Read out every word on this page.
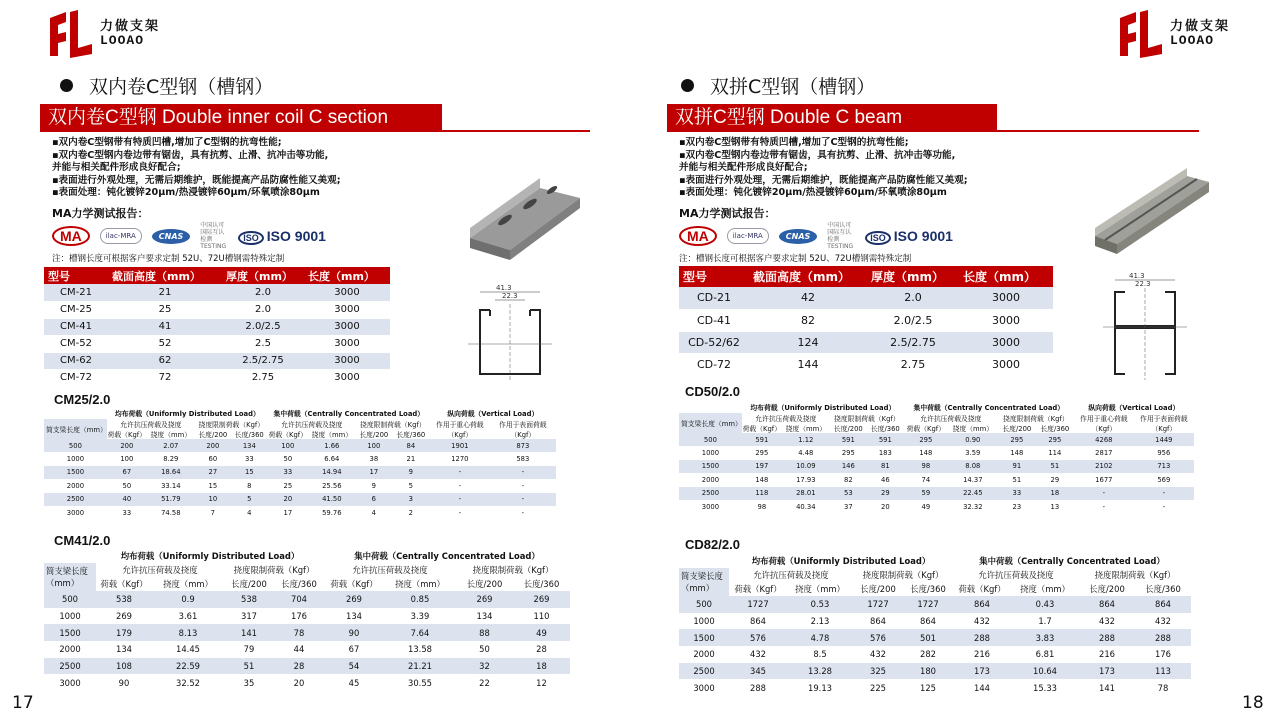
力做支架
LOOAO
力做支架
LOOAO
双内卷C型钢（槽钢）
双内卷C型钢 Double inner coil C section
▪双内卷C型钢带有特质凹槽,增加了C型钢的抗弯性能;
▪双内卷C型钢内卷边带有锯齿，具有抗剪、止滑、抗冲击等功能,
并能与相关配件形成良好配合;
▪表面进行外观处理，无需后期维护，既能提高产品防腐性能又美观;
▪表面处理：钝化镀锌20μm/热浸镀锌60μm/环氧喷涂80μm
MA力学测试报告：
MA	ilac-MRA	CNAS
中国认可 国际互认 检测 TESTING
ISO ISO 9001
注：槽钢长度可根据客户要求定制 52U、72U槽钢需特殊定制
型号	截面高度（mm）	厚度（mm）	长度（mm）
CM-21	21	2.0	3000
CM-25	25	2.0	3000
CM-41	41	2.0/2.5	3000
CM-52	52	2.5	3000
CM-62	62	2.5/2.75	3000
CM-72	72	2.75	3000
41.3
22.3
CM25/2.0
	均布荷载（Uniformly Distributed Load）				集中荷载（Centrally Concentrated Load）				纵向荷载（Vertical Load）	
简支梁长度（mm）	允许抗压荷载及挠度		挠度限制荷载（Kgf）		允许抗压荷载及挠度		挠度限制荷载（Kgf）		作用于重心荷载（Kgf）	作用于表面荷载（Kgf）
	荷载（Kgf）	挠度（mm）	长度/200	长度/360	荷载（Kgf）	挠度（mm）	长度/200	长度/360		
500	200	2.07	200	134	100	1.66	100	84	1901	873
1000	100	8.29	60	33	50	6.64	38	21	1270	583
1500	67	18.64	27	15	33	14.94	17	9	-	-
2000	50	33.14	15	8	25	25.56	9	5	-	-
2500	40	51.79	10	5	20	41.50	6	3	-	-
3000	33	74.58	7	4	17	59.76	4	2	-	-
CM41/2.0
	均布荷载（Uniformly Distributed Load）				集中荷载（Centrally Concentrated Load）			
简支梁长度（mm）	允许抗压荷载及挠度		挠度限制荷载（Kgf）		允许抗压荷载及挠度		挠度限制荷载（Kgf）	
	荷载（Kgf）	挠度（mm）	长度/200	长度/360	荷载（Kgf）	挠度（mm）	长度/200	长度/360
500	538	0.9	538	704	269	0.85	269	269
1000	269	3.61	317	176	134	3.39	134	110
1500	179	8.13	141	78	90	7.64	88	49
2000	134	14.45	79	44	67	13.58	50	28
2500	108	22.59	51	28	54	21.21	32	18
3000	90	32.52	35	20	45	30.55	22	12
双拼C型钢（槽钢）
双拼C型钢 Double C beam
▪双内卷C型钢带有特质凹槽,增加了C型钢的抗弯性能;
▪双内卷C型钢内卷边带有锯齿，具有抗剪、止滑、抗冲击等功能,
并能与相关配件形成良好配合;
▪表面进行外观处理，无需后期维护，既能提高产品防腐性能又美观;
▪表面处理：钝化镀锌20μm/热浸镀锌60μm/环氧喷涂80μm
MA力学测试报告：
MA	ilac-MRA	CNAS
中国认可 国际互认 检测 TESTING
ISO ISO 9001
注：槽钢长度可根据客户要求定制 52U、72U槽钢需特殊定制
型号	截面高度（mm）	厚度（mm）	长度（mm）
CD-21	42	2.0	3000
CD-41	82	2.0/2.5	3000
CD-52/62	124	2.5/2.75	3000
CD-72	144	2.75	3000
41.3
22.3
CD50/2.0
	均布荷载（Uniformly Distributed Load）				集中荷载（Centrally Concentrated Load）				纵向荷载（Vertical Load）	
简支梁长度（mm）	允许抗压荷载及挠度		挠度限制荷载（Kgf）		允许抗压荷载及挠度		挠度限制荷载（Kgf）		作用于重心荷载（Kgf）	作用于表面荷载（Kgf）
	荷载（Kgf）	挠度（mm）	长度/200	长度/360	荷载（Kgf）	挠度（mm）	长度/200	长度/360		
500	591	1.12	591	591	295	0.90	295	295	4268	1449
1000	295	4.48	295	183	148	3.59	148	114	2817	956
1500	197	10.09	146	81	98	8.08	91	51	2102	713
2000	148	17.93	82	46	74	14.37	51	29	1677	569
2500	118	28.01	53	29	59	22.45	33	18	-	-
3000	98	40.34	37	20	49	32.32	23	13	-	-
CD82/2.0
	均布荷载（Uniformly Distributed Load）				集中荷载（Centrally Concentrated Load）			
简支梁长度（mm）	允许抗压荷载及挠度		挠度限制荷载（Kgf）		允许抗压荷载及挠度		挠度限制荷载（Kgf）	
	荷载（Kgf）	挠度（mm）	长度/200	长度/360	荷载（Kgf）	挠度（mm）	长度/200	长度/360
500	1727	0.53	1727	1727	864	0.43	864	864
1000	864	2.13	864	864	432	1.7	432	432
1500	576	4.78	576	501	288	3.83	288	288
2000	432	8.5	432	282	216	6.81	216	176
2500	345	13.28	325	180	173	10.64	173	113
3000	288	19.13	225	125	144	15.33	141	78
17	18
